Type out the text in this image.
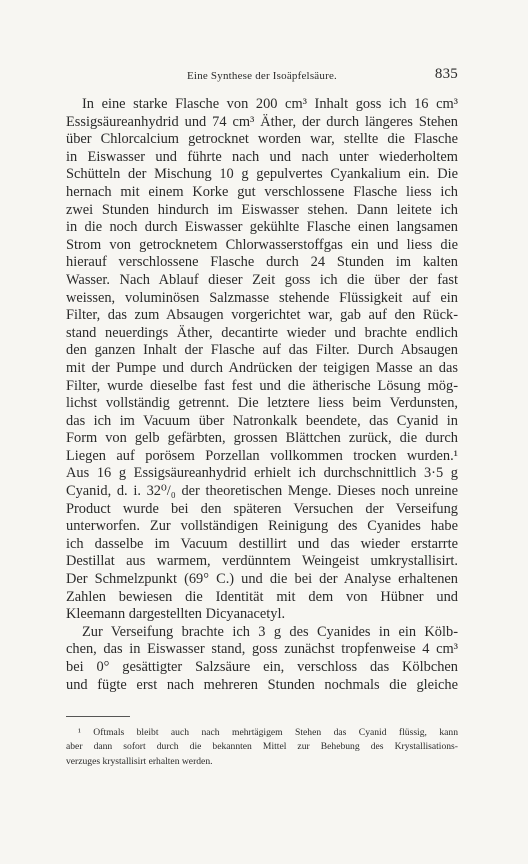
Eine Synthese der Isoäpfelsäure.	835
In eine starke Flasche von 200 cm³ Inhalt goss ich 16 cm³
Essigsäureanhydrid und 74 cm³ Äther, der durch längeres Stehen
über Chlorcalcium getrocknet worden war, stellte die Flasche
in Eiswasser und führte nach und nach unter wiederholtem
Schütteln der Mischung 10 g gepulvertes Cyankalium ein. Die
hernach mit einem Korke gut verschlossene Flasche liess ich
zwei Stunden hindurch im Eiswasser stehen. Dann leitete ich
in die noch durch Eiswasser gekühlte Flasche einen langsamen
Strom von getrocknetem Chlorwasserstoffgas ein und liess die
hierauf verschlossene Flasche durch 24 Stunden im kalten
Wasser. Nach Ablauf dieser Zeit goss ich die über der fast
weissen, voluminösen Salzmasse stehende Flüssigkeit auf ein
Filter, das zum Absaugen vorgerichtet war, gab auf den Rück-
stand neuerdings Äther, decantirte wieder und brachte endlich
den ganzen Inhalt der Flasche auf das Filter. Durch Absaugen
mit der Pumpe und durch Andrücken der teigigen Masse an das
Filter, wurde dieselbe fast fest und die ätherische Lösung mög-
lichst vollständig getrennt. Die letztere liess beim Verdunsten,
das ich im Vacuum über Natronkalk beendete, das Cyanid in
Form von gelb gefärbten, grossen Blättchen zurück, die durch
Liegen auf porösem Porzellan vollkommen trocken wurden.¹
Aus 16 g Essigsäureanhydrid erhielt ich durchschnittlich 3·5 g
Cyanid, d. i. 32⁰/₀ der theoretischen Menge. Dieses noch unreine
Product wurde bei den späteren Versuchen der Verseifung
unterworfen. Zur vollständigen Reinigung des Cyanides habe
ich dasselbe im Vacuum destillirt und das wieder erstarrte
Destillat aus warmem, verdünntem Weingeist umkrystallisirt.
Der Schmelzpunkt (69° C.) und die bei der Analyse erhaltenen
Zahlen bewiesen die Identität mit dem von Hübner und
Kleemann dargestellten Dicyanacetyl.
Zur Verseifung brachte ich 3 g des Cyanides in ein Kölb-
chen, das in Eiswasser stand, goss zunächst tropfenweise 4 cm³
bei 0° gesättigter Salzsäure ein, verschloss das Kölbchen
und fügte erst nach mehreren Stunden nochmals die gleiche
¹ Oftmals bleibt auch nach mehrtägigem Stehen das Cyanid flüssig, kann
aber dann sofort durch die bekannten Mittel zur Behebung des Krystallisations-
verzuges krystallisirt erhalten werden.
